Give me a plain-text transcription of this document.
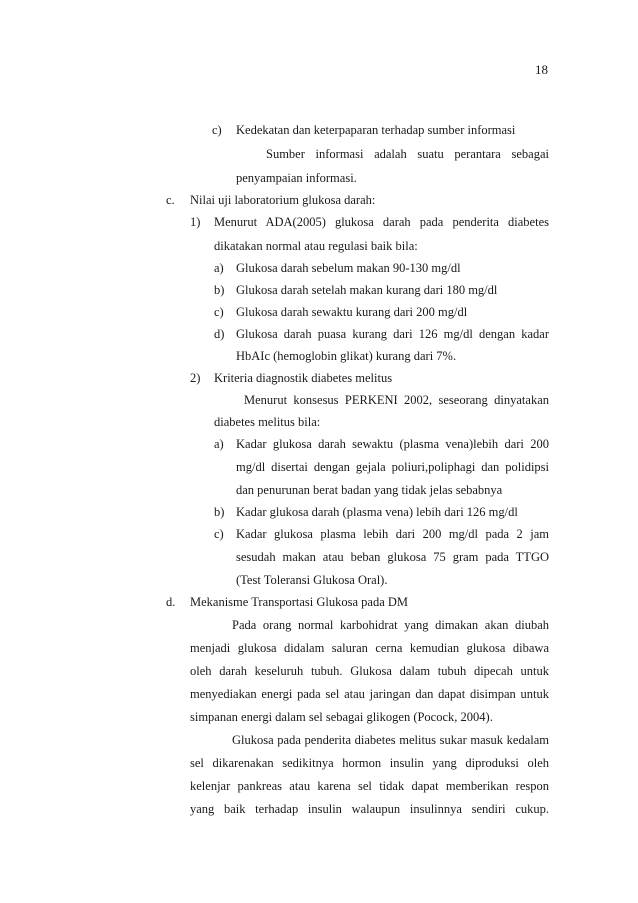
18
c) Kedekatan dan keterpaparan terhadap sumber informasi
Sumber informasi adalah suatu perantara sebagai
penyampaian informasi.
c. Nilai uji laboratorium glukosa darah:
1) Menurut ADA(2005) glukosa darah pada penderita diabetes
dikatakan normal atau regulasi baik bila:
a) Glukosa darah sebelum makan 90-130 mg/dl
b) Glukosa darah setelah makan kurang dari 180 mg/dl
c) Glukosa darah sewaktu kurang dari 200 mg/dl
d) Glukosa darah puasa kurang dari 126 mg/dl dengan kadar
HbAIc (hemoglobin glikat) kurang dari 7%.
2) Kriteria diagnostik diabetes melitus
Menurut konsesus PERKENI 2002, seseorang dinyatakan
diabetes melitus bila:
a) Kadar glukosa darah sewaktu (plasma vena)lebih dari 200
mg/dl disertai dengan gejala poliuri,poliphagi dan polidipsi
dan penurunan berat badan yang tidak jelas sebabnya
b) Kadar glukosa darah (plasma vena) lebih dari 126 mg/dl
c) Kadar glukosa plasma lebih dari 200 mg/dl pada 2 jam
sesudah makan atau beban glukosa 75 gram pada TTGO
(Test Toleransi Glukosa Oral).
d. Mekanisme Transportasi Glukosa pada DM
Pada orang normal karbohidrat yang dimakan akan diubah
menjadi glukosa didalam saluran cerna kemudian glukosa dibawa
oleh darah keseluruh tubuh. Glukosa dalam tubuh dipecah untuk
menyediakan energi pada sel atau jaringan dan dapat disimpan untuk
simpanan energi dalam sel sebagai glikogen (Pocock, 2004).
Glukosa pada penderita diabetes melitus sukar masuk kedalam
sel dikarenakan sedikitnya hormon insulin yang diproduksi oleh
kelenjar pankreas atau karena sel tidak dapat memberikan respon
yang baik terhadap insulin walaupun insulinnya sendiri cukup.
